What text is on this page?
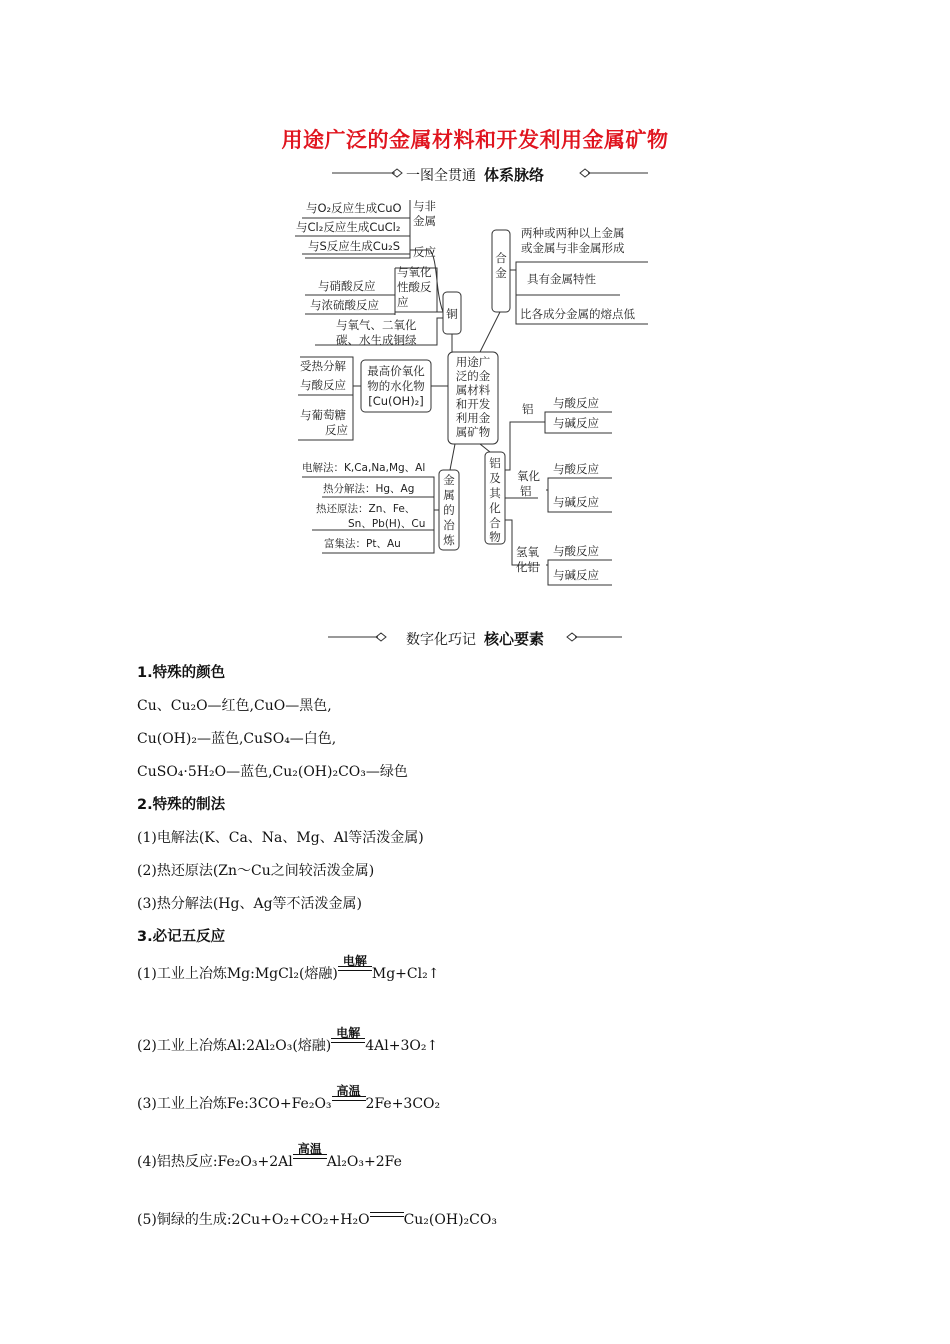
用途广泛的金属材料和开发利用金属矿物
一图全贯通 体系脉络
用途广
泛的金
属材料
和开发
利用金
属矿物
铜
与非
金属
反应
与O₂反应生成CuO
与Cl₂反应生成CuCl₂
与S反应生成Cu₂S
与氧化
性酸反
应
与硝酸反应
与浓硫酸反应
与氧气、二氧化
碳、水生成铜绿
最高价氧化
物的水化物
[Cu(OH)₂]
受热分解
与酸反应
与葡萄糖
反应
金
属
的
冶
炼
电解法：K,Ca,Na,Mg、Al
热分解法：Hg、Ag
热还原法：Zn、Fe、
Sn、Pb(H)、Cu
富集法：Pt、Au
合
金
两种或两种以上金属
或金属与非金属形成
具有金属特性
比各成分金属的熔点低
铝
及
其
化
合
物
铝 与酸反应
与碱反应
氧化
铝
与酸反应
与碱反应
氢氧
化铝
与酸反应
与碱反应
数字化巧记 核心要素
1.特殊的颜色
Cu、Cu₂O—红色,CuO—黑色,
Cu(OH)₂—蓝色,CuSO₄—白色,
CuSO₄·5H₂O—蓝色,Cu₂(OH)₂CO₃—绿色
2.特殊的制法
(1)电解法(K、Ca、Na、Mg、Al等活泼金属)
(2)热还原法(Zn～Cu之间较活泼金属)
(3)热分解法(Hg、Ag等不活泼金属)
3.必记五反应
(1)工业上冶炼Mg:MgCl₂(熔融)
电解
Mg+Cl₂↑
(2)工业上冶炼Al:2Al₂O₃(熔融)
电解
4Al+3O₂↑
(3)工业上冶炼Fe:3CO+Fe₂O₃
高温
2Fe+3CO₂
(4)铝热反应:Fe₂O₃+2Al
高温
Al₂O₃+2Fe
(5)铜绿的生成:2Cu+O₂+CO₂+H₂O Cu₂(OH)₂CO₃
